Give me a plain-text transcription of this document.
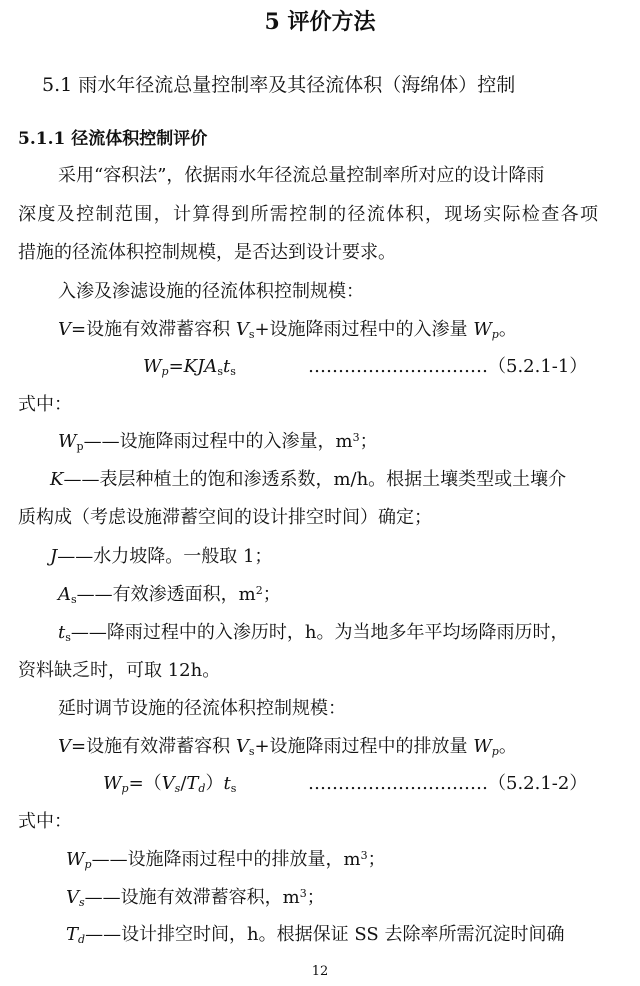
5 评价方法
5.1 雨水年径流总量控制率及其径流体积（海绵体）控制
5.1.1 径流体积控制评价
采用“容积法”，依据雨水年径流总量控制率所对应的设计降雨
深度及控制范围，计算得到所需控制的径流体积，现场实际检查各项
措施的径流体积控制规模，是否达到设计要求。
入渗及渗滤设施的径流体积控制规模：
V=设施有效滞蓄容积 $V_s+$设施降雨过程中的入渗量 $W_p$。
$W_p=KJA_st_s$	…………………………（5.2.1-1）
式中：
$W_p——$设施降雨过程中的入渗量，$m^3$；
K——表层种植土的饱和渗透系数，m/h。根据土壤类型或土壤介
质构成（考虑设施滞蓄空间的设计排空时间）确定；
J——水力坡降。一般取 1；
$A_s——$有效渗透面积，$m^2$；
$t_s——$降雨过程中的入渗历时，h。为当地多年平均场降雨历时，
资料缺乏时，可取 12h。
延时调节设施的径流体积控制规模：
V=设施有效滞蓄容积 $V_s+$设施降雨过程中的排放量 $W_p$。
$W_p=(V_s/T_d)t_s$	…………………………（5.2.1-2）
式中：
$W_p——$设施降雨过程中的排放量，$m^3$；
$V_s——$设施有效滞蓄容积，$m^3$；
$T_d——$设计排空时间，h。根据保证 SS 去除率所需沉淀时间确
12
